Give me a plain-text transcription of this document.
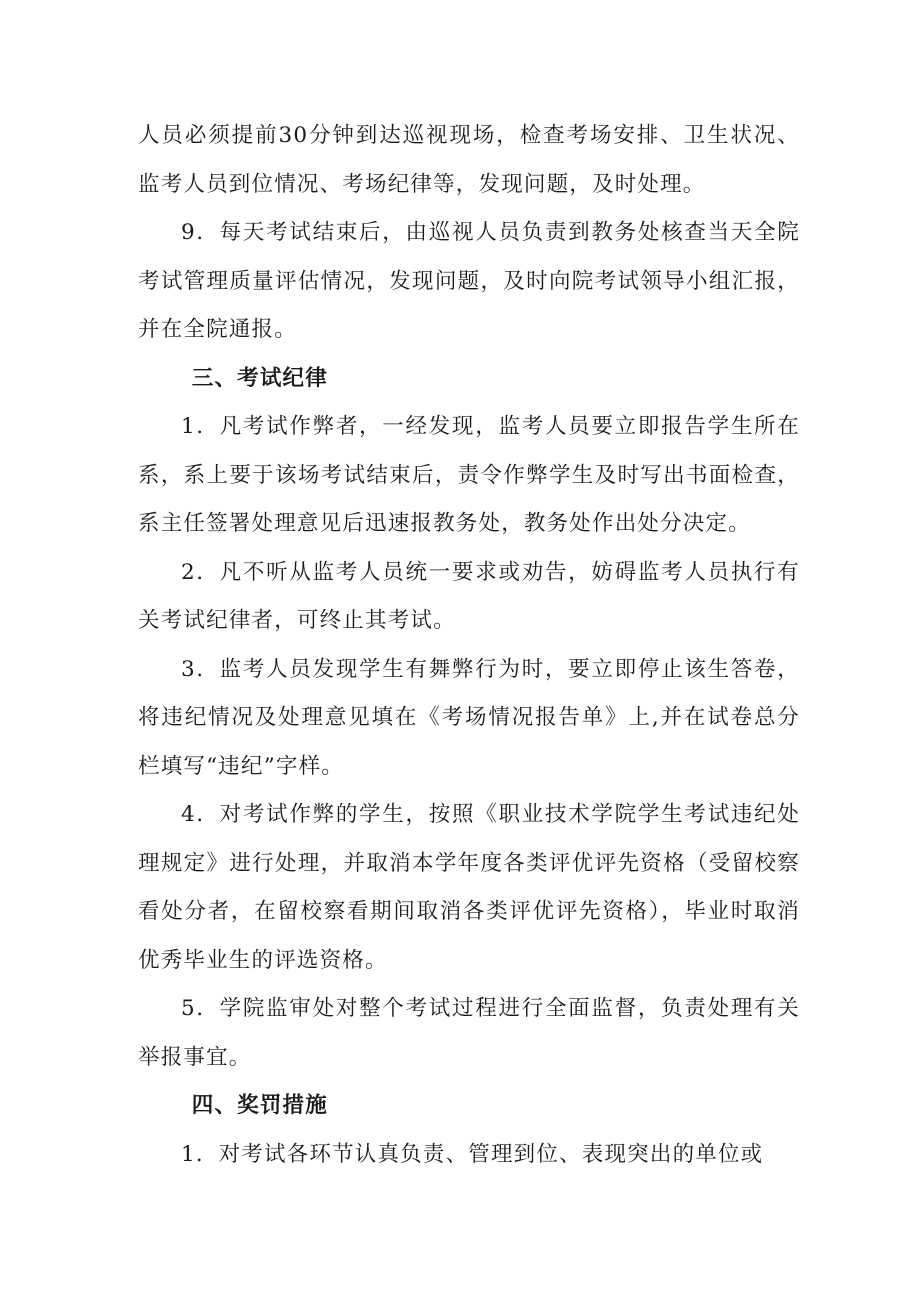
人员必须提前30分钟到达巡视现场，检查考场安排、卫生状况、监考人员到位情况、考场纪律等，发现问题，及时处理。

9．每天考试结束后，由巡视人员负责到教务处核查当天全院考试管理质量评估情况，发现问题，及时向院考试领导小组汇报，并在全院通报。

三、考试纪律

1．凡考试作弊者，一经发现，监考人员要立即报告学生所在系，系上要于该场考试结束后，责令作弊学生及时写出书面检查，系主任签署处理意见后迅速报教务处，教务处作出处分决定。

2．凡不听从监考人员统一要求或劝告，妨碍监考人员执行有关考试纪律者，可终止其考试。

3．监考人员发现学生有舞弊行为时，要立即停止该生答卷，将违纪情况及处理意见填在《考场情况报告单》上,并在试卷总分栏填写“违纪”字样。

4．对考试作弊的学生，按照《职业技术学院学生考试违纪处理规定》进行处理，并取消本学年度各类评优评先资格（受留校察看处分者，在留校察看期间取消各类评优评先资格），毕业时取消优秀毕业生的评选资格。

5．学院监审处对整个考试过程进行全面监督，负责处理有关举报事宜。

四、奖罚措施

1．对考试各环节认真负责、管理到位、表现突出的单位或
